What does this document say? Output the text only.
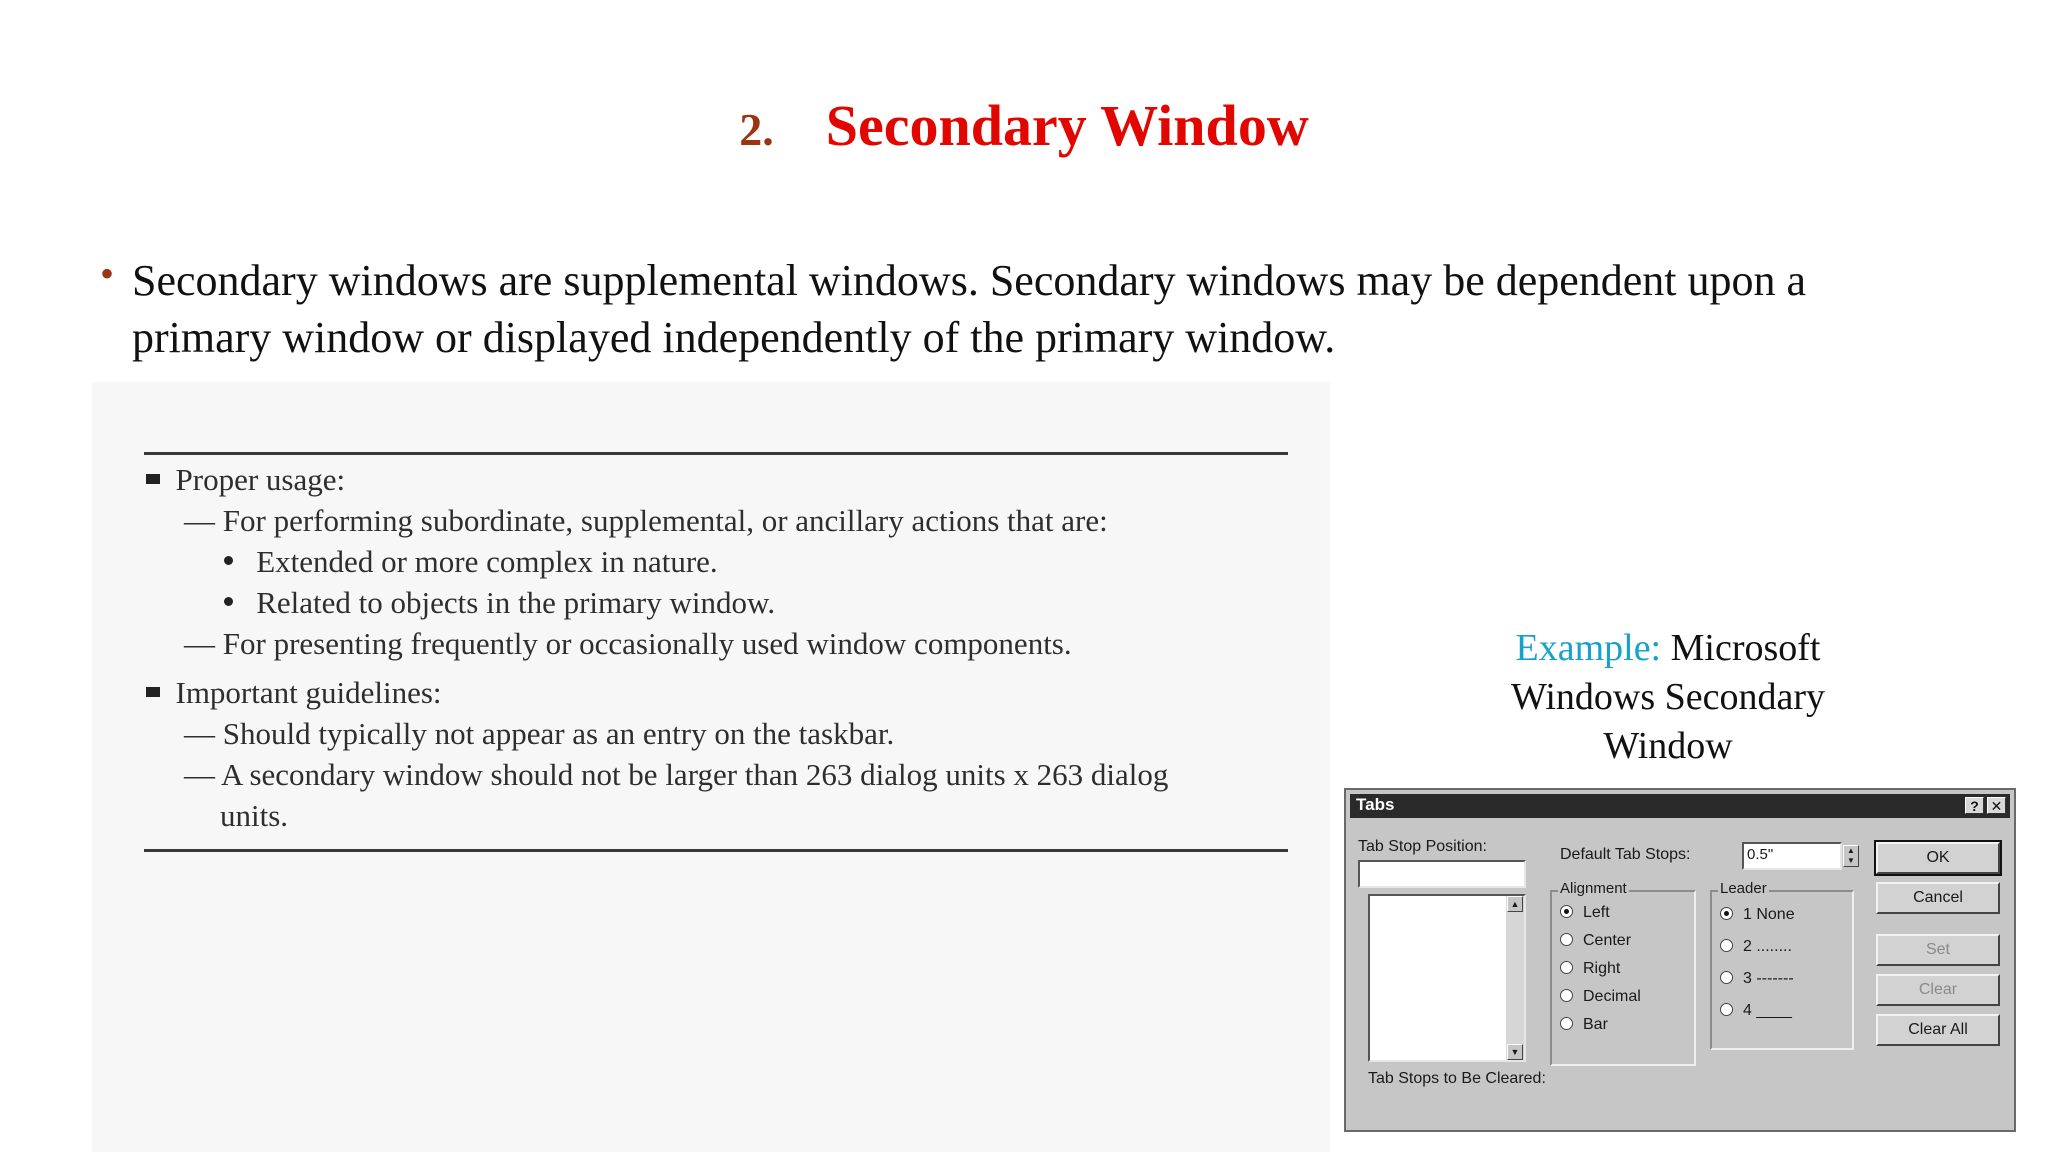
2. Secondary Window
• Secondary windows are supplemental windows. Secondary windows may be dependent upon a
primary window or displayed independently of the primary window.
Proper usage:
— For performing subordinate, supplemental, or ancillary actions that are:
Extended or more complex in nature.
Related to objects in the primary window.
— For presenting frequently or occasionally used window components.
Important guidelines:
— Should typically not appear as an entry on the taskbar.
— A secondary window should not be larger than 263 dialog units x 263 dialog
units.
Example: Microsoft
Windows Secondary
Window
Tabs	? ✕
Tab Stop Position:
▲
▼
Tab Stops to Be Cleared:
Default Tab Stops:	0.5"	▲
▼
Alignment
Left
Center
Right
Decimal
Bar
Leader
1 None
2 ........
3 -------
4 ____
OK
Cancel
Set
Clear
Clear All
